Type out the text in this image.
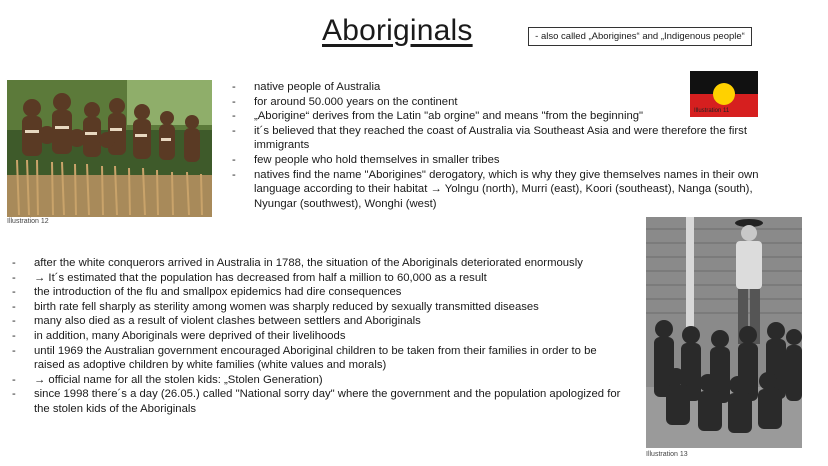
Aboriginals	- also called „Aborigines“ and „Indigenous people“
Illustration 12
Illustration 11
- native people of Australia
- for around 50.000 years on the continent
- „Aborigine“ derives from the Latin "ab orgine" and means "from the beginning"
- it´s believed that they reached the coast of Australia via Southeast Asia and were therefore the first immigrants
- few people who hold themselves in smaller tribes
- natives find the name "Aborigines" derogatory, which is why they give themselves names in their own language according to their habitat → Yolngu (north), Murri (east), Koori (southeast), Nanga (south), Nyungar (southwest), Wonghi (west)
- after the white conquerors arrived in Australia in 1788, the situation of the Aboriginals deteriorated enormously
- → It´s estimated that the population has decreased from half a million to 60,000 as a result
- the introduction of the flu and smallpox epidemics had dire consequences
- birth rate fell sharply as sterility among women was sharply reduced by sexually transmitted diseases
- many also died as a result of violent clashes between settlers and Aboriginals
- in addition, many Aboriginals were deprived of their livelihoods
- until 1969 the Australian government encouraged Aboriginal children to be taken from their families in order to be raised as adoptive children by white families (white values and morals)
- → official name for all the stolen kids: „Stolen Generation)
- since 1998 there´s a day (26.05.) called "National sorry day" where the government and the population apologized for the stolen kids of the Aboriginals
Illustration 13
